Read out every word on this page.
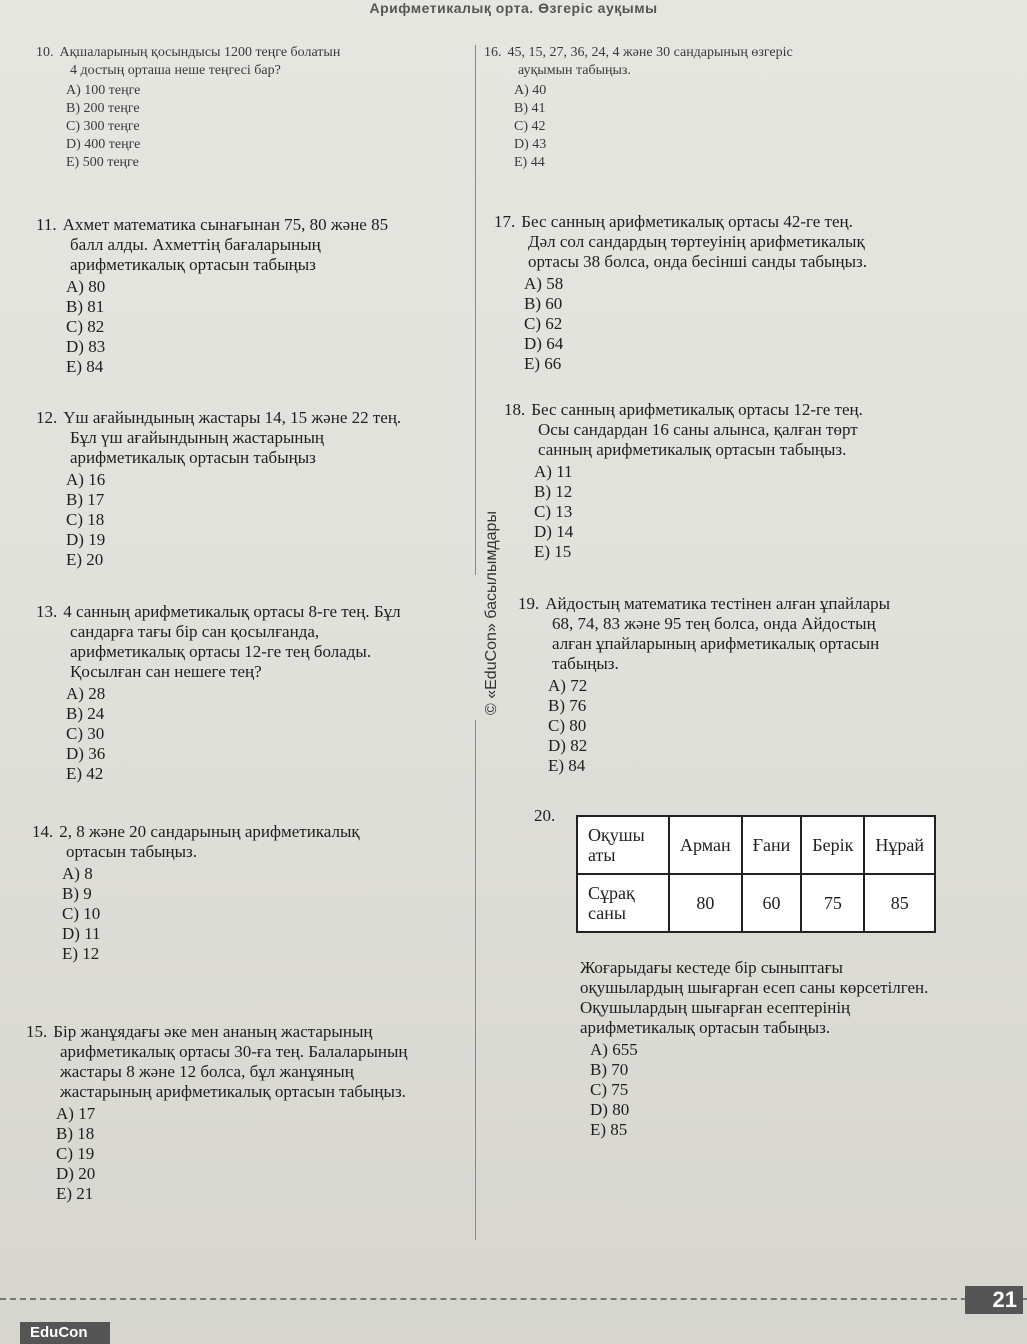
Арифметикалық орта. Өзгеріс ауқымы
© «EduCon» басылымдары

10. Ақшаларының қосындысы 1200 теңге болатын
4 достың орташа неше теңгесі бар?

A) 100 теңге
B) 200 теңге
C) 300 теңге
D) 400 теңге
E) 500 теңге

11. Ахмет математика сынағынан 75, 80 және 85
балл алды. Ахметтің бағаларының
арифметикалық ортасын табыңыз

A) 80
B) 81
C) 82
D) 83
E) 84

12. Үш ағайындының жастары 14, 15 және 22 тең.
Бұл үш ағайындының жастарының
арифметикалық ортасын табыңыз

A) 16
B) 17
C) 18
D) 19
E) 20

13. 4 санның арифметикалық ортасы 8-ге тең. Бұл
сандарға тағы бір сан қосылғанда,
арифметикалық ортасы 12-ге тең болады.
Қосылған сан нешеге тең?

A) 28
B) 24
C) 30
D) 36
E) 42

14. 2, 8 және 20 сандарының арифметикалық
ортасын табыңыз.

A) 8
B) 9
C) 10
D) 11
E) 12

15. Бір жанұядағы әке мен ананың жастарының
арифметикалық ортасы 30-ға тең. Балаларының
жастары 8 және 12 болса, бұл жанұяның
жастарының арифметикалық ортасын табыңыз.

A) 17
B) 18
C) 19
D) 20
E) 21

16. 45, 15, 27, 36, 24, 4 және 30 сандарының өзгеріс
ауқымын табыңыз.

A) 40
B) 41
C) 42
D) 43
E) 44

17. Бес санның арифметикалық ортасы 42-ге тең.
Дәл сол сандардың төртеуінің арифметикалық
ортасы 38 болса, онда бесінші санды табыңыз.

A) 58
B) 60
C) 62
D) 64
E) 66

18. Бес санның арифметикалық ортасы 12-ге тең.
Осы сандардан 16 саны алынса, қалған төрт
санның арифметикалық ортасын табыңыз.

A) 11
B) 12
C) 13
D) 14
E) 15

19. Айдостың математика тестінен алған ұпайлары
68, 74, 83 және 95 тең болса, онда Айдостың
алған ұпайларының арифметикалық ортасын
табыңыз.

A) 72
B) 76
C) 80
D) 82
E) 84
20.
Оқушы аты	Арман	Ғани	Берік	Нұрай
Сұрақ саны	80	60	75	85

Жоғарыдағы кестеде бір сыныптағы
оқушылардың шығарған есеп саны көрсетілген.
Оқушылардың шығарған есептерінің
арифметикалық ортасын табыңыз.

A) 655
B) 70
C) 75
D) 80
E) 85
21
EduCon
